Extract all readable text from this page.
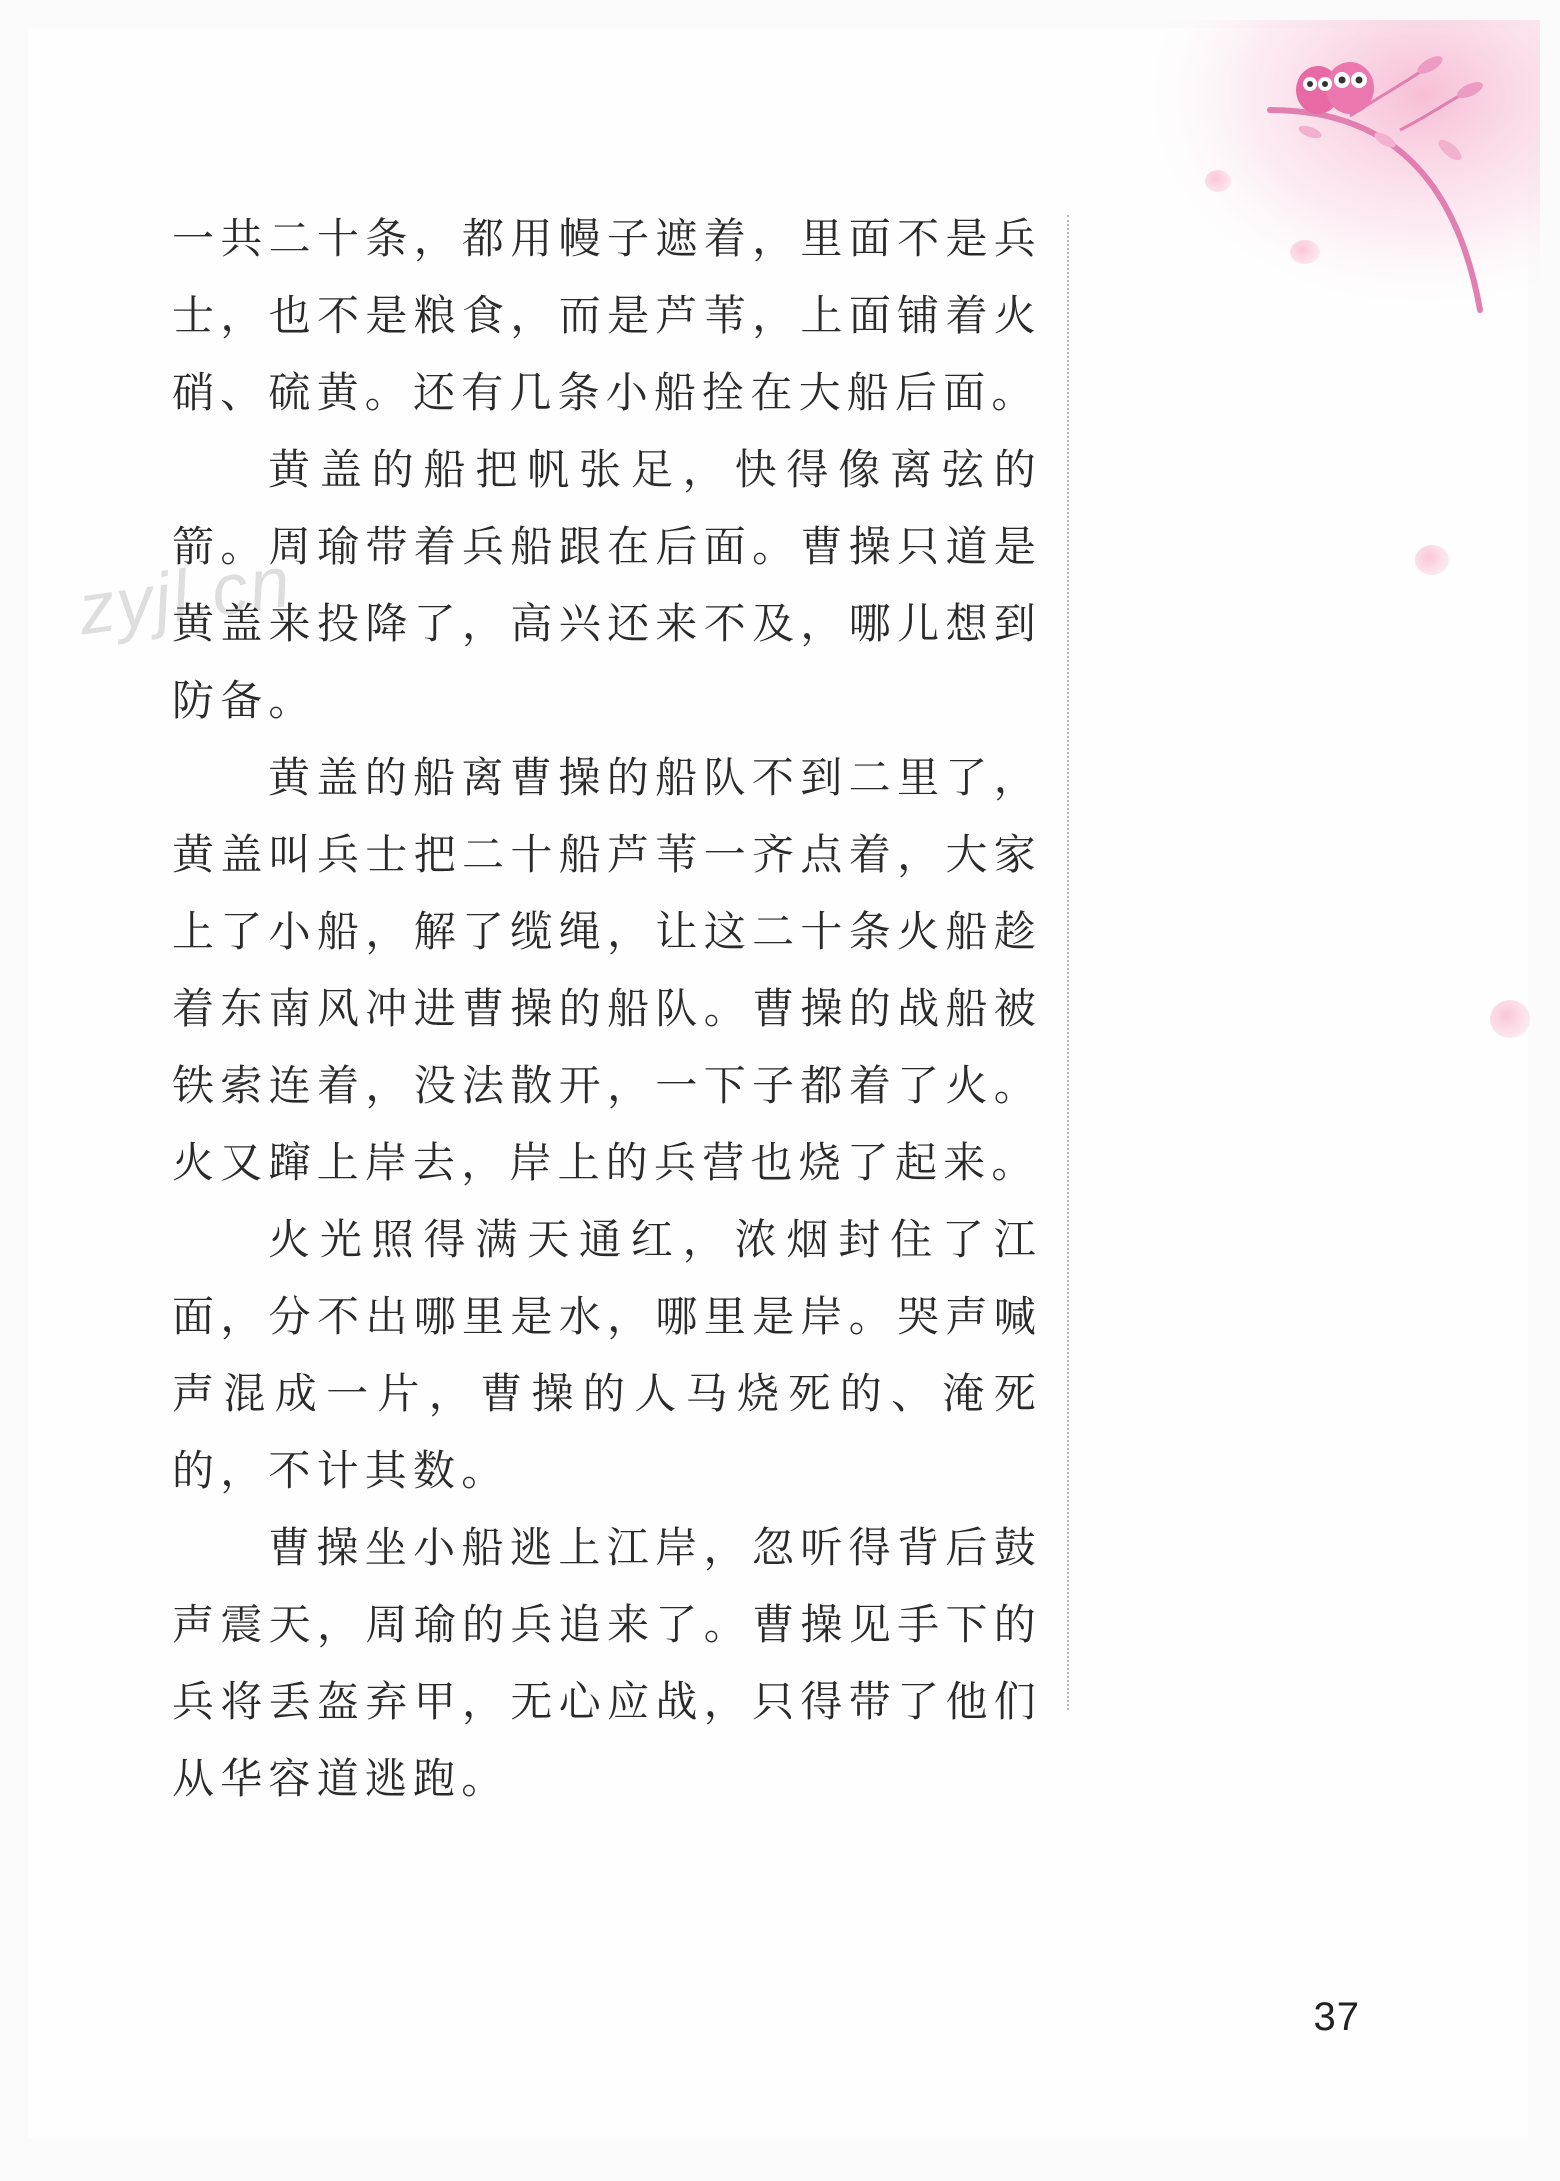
zyjl.cn

一共二十条，都用幔子遮着，里面不是兵士，也不是粮食，而是芦苇，上面铺着火硝、硫黄。还有几条小船拴在大船后面。

黄盖的船把帆张足，快得像离弦的箭。周瑜带着兵船跟在后面。曹操只道是黄盖来投降了，高兴还来不及，哪儿想到防备。

黄盖的船离曹操的船队不到二里了，黄盖叫兵士把二十船芦苇一齐点着，大家上了小船，解了缆绳，让这二十条火船趁着东南风冲进曹操的船队。曹操的战船被铁索连着，没法散开，一下子都着了火。火又蹿上岸去，岸上的兵营也烧了起来。

火光照得满天通红，浓烟封住了江面，分不出哪里是水，哪里是岸。哭声喊声混成一片，曹操的人马烧死的、淹死的，不计其数。

曹操坐小船逃上江岸，忽听得背后鼓声震天，周瑜的兵追来了。曹操见手下的兵将丢盔弃甲，无心应战，只得带了他们从华容道逃跑。

37
